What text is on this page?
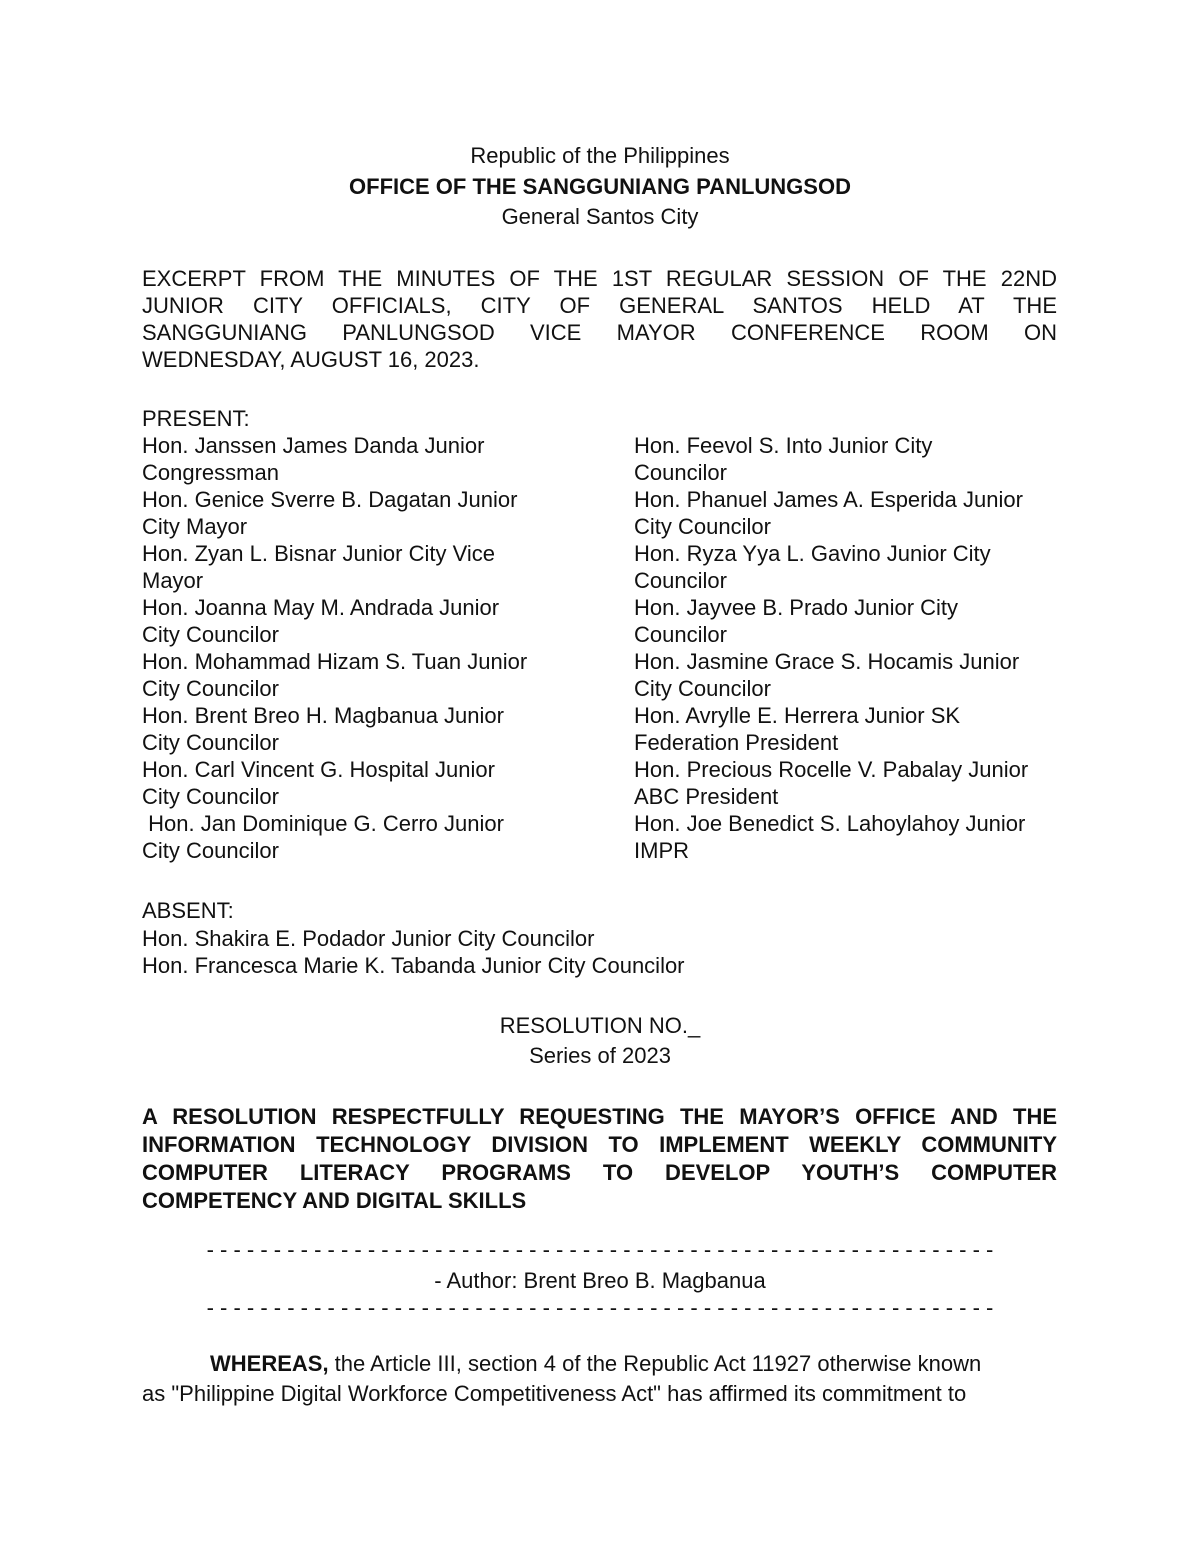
Republic of the Philippines
OFFICE OF THE SANGGUNIANG PANLUNGSOD
General Santos City
EXCERPT FROM THE MINUTES OF THE 1ST REGULAR SESSION OF THE 22ND
JUNIOR CITY OFFICIALS, CITY OF GENERAL SANTOS HELD AT THE
SANGGUNIANG PANLUNGSOD VICE MAYOR CONFERENCE ROOM ON
WEDNESDAY, AUGUST 16, 2023.
PRESENT:
Hon. Janssen James Danda Junior
Congressman
Hon. Genice Sverre B. Dagatan Junior
City Mayor
Hon. Zyan L. Bisnar Junior City Vice
Mayor
Hon. Joanna May M. Andrada Junior
City Councilor
Hon. Mohammad Hizam S. Tuan Junior
City Councilor
Hon. Brent Breo H. Magbanua Junior
City Councilor
Hon. Carl Vincent G. Hospital Junior
City Councilor
Hon. Jan Dominique G. Cerro Junior
City Councilor
Hon. Feevol S. Into Junior City
Councilor
Hon. Phanuel James A. Esperida Junior
City Councilor
Hon. Ryza Yya L. Gavino Junior City
Councilor
Hon. Jayvee B. Prado Junior City
Councilor
Hon. Jasmine Grace S. Hocamis Junior
City Councilor
Hon. Avrylle E. Herrera Junior SK
Federation President
Hon. Precious Rocelle V. Pabalay Junior
ABC President
Hon. Joe Benedict S. Lahoylahoy Junior
IMPR
ABSENT:
Hon. Shakira E. Podador Junior City Councilor
Hon. Francesca Marie K. Tabanda Junior City Councilor
RESOLUTION NO._
Series of 2023
A RESOLUTION RESPECTFULLY REQUESTING THE MAYOR’S OFFICE AND THE
INFORMATION TECHNOLOGY DIVISION TO IMPLEMENT WEEKLY COMMUNITY
COMPUTER LITERACY PROGRAMS TO DEVELOP YOUTH’S COMPUTER
COMPETENCY AND DIGITAL SKILLS
- - - - - - - - - - - - - - - - - - - - - - - - - - - - - - - - - - - - - - - - - - - - - - - - - - - - - - - - - - -
- Author: Brent Breo B. Magbanua
- - - - - - - - - - - - - - - - - - - - - - - - - - - - - - - - - - - - - - - - - - - - - - - - - - - - - - - - - - -
WHEREAS, the Article III, section 4 of the Republic Act 11927 otherwise known
as "Philippine Digital Workforce Competitiveness Act" has affirmed its commitment to
